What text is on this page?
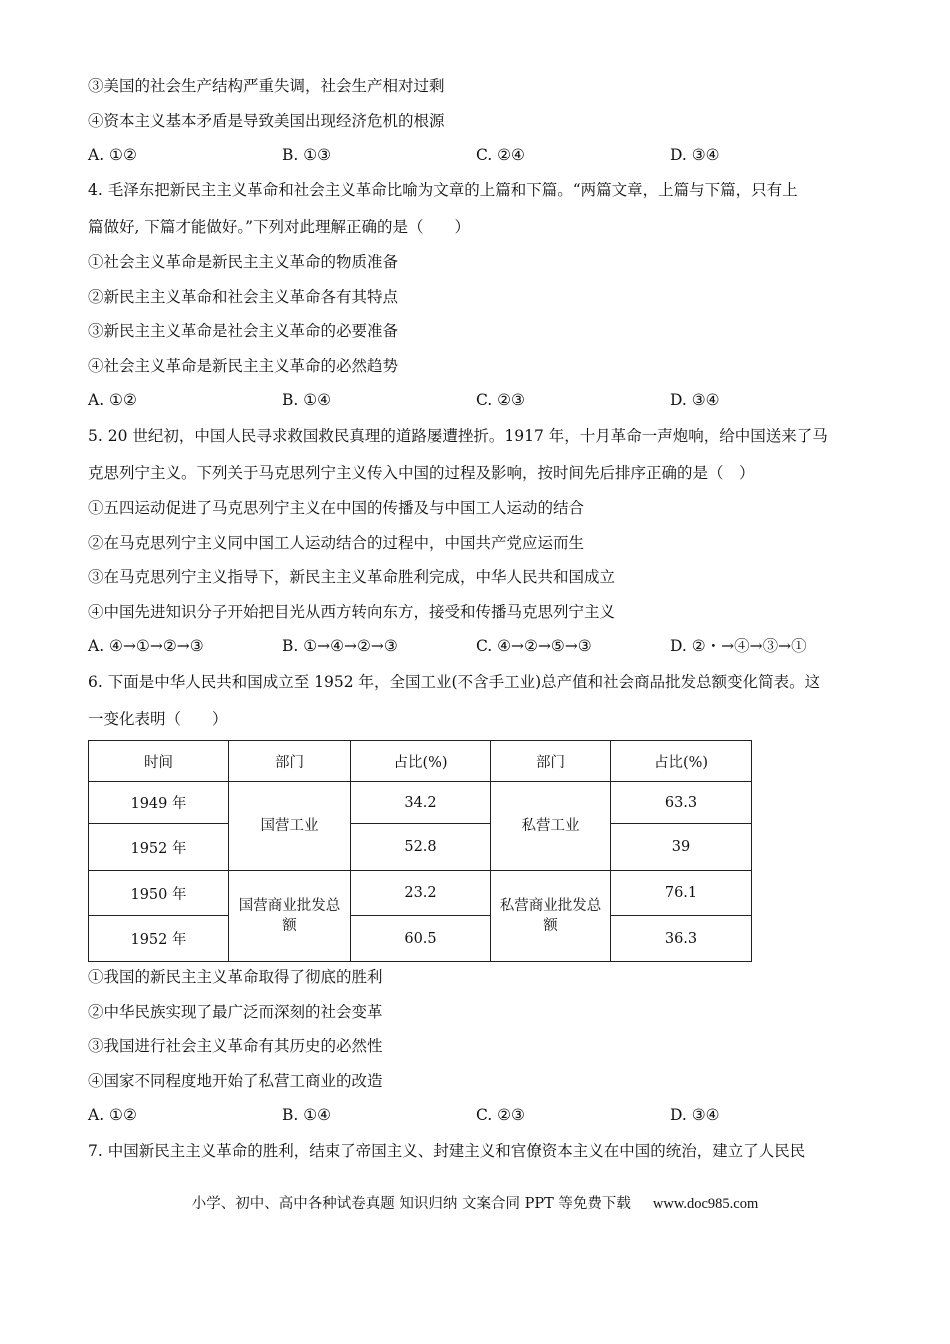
③美国的社会生产结构严重失调，社会生产相对过剩
④资本主义基本矛盾是导致美国出现经济危机的根源
A. ①②	B. ①③	C. ②④	D. ③④
4. 毛泽东把新民主主义革命和社会主义革命比喻为文章的上篇和下篇。“两篇文章，上篇与下篇，只有上
篇做好, 下篇才能做好。”下列对此理解正确的是（　　）
①社会主义革命是新民主主义革命的物质准备
②新民主主义革命和社会主义革命各有其特点
③新民主主义革命是社会主义革命的必要准备
④社会主义革命是新民主主义革命的必然趋势
A. ①②	B. ①④	C. ②③	D. ③④
5. 20 世纪初，中国人民寻求救国救民真理的道路屡遭挫折。1917 年，十月革命一声炮响，给中国送来了马
克思列宁主义。下列关于马克思列宁主义传入中国的过程及影响，按时间先后排序正确的是（　）
①五四运动促进了马克思列宁主义在中国的传播及与中国工人运动的结合
②在马克思列宁主义同中国工人运动结合的过程中，中国共产党应运而生
③在马克思列宁主义指导下，新民主主义革命胜利完成，中华人民共和国成立
④中国先进知识分子开始把目光从西方转向东方，接受和传播马克思列宁主义
A. ④→①→②→③	B. ①→④→②→③	C. ④→②→⑤→③	D. ②・→④→③→①
6. 下面是中华人民共和国成立至 1952 年，全国工业(不含手工业)总产值和社会商品批发总额变化简表。这
一变化表明（　　）
时间	部门	占比(%)	部门	占比(%)
1949 年	国营工业	34.2	私营工业	63.3
1952 年		52.8		39
1950 年	国营商业批发总额	23.2	私营商业批发总额	76.1
1952 年		60.5		36.3
①我国的新民主主义革命取得了彻底的胜利
②中华民族实现了最广泛而深刻的社会变革
③我国进行社会主义革命有其历史的必然性
④国家不同程度地开始了私营工商业的改造
A. ①②	B. ①④	C. ②③	D. ③④
7. 中国新民主主义革命的胜利，结束了帝国主义、封建主义和官僚资本主义在中国的统治，建立了人民民
小学、初中、高中各种试卷真题 知识归纳 文案合同 PPT 等免费下载 www.doc985.com
